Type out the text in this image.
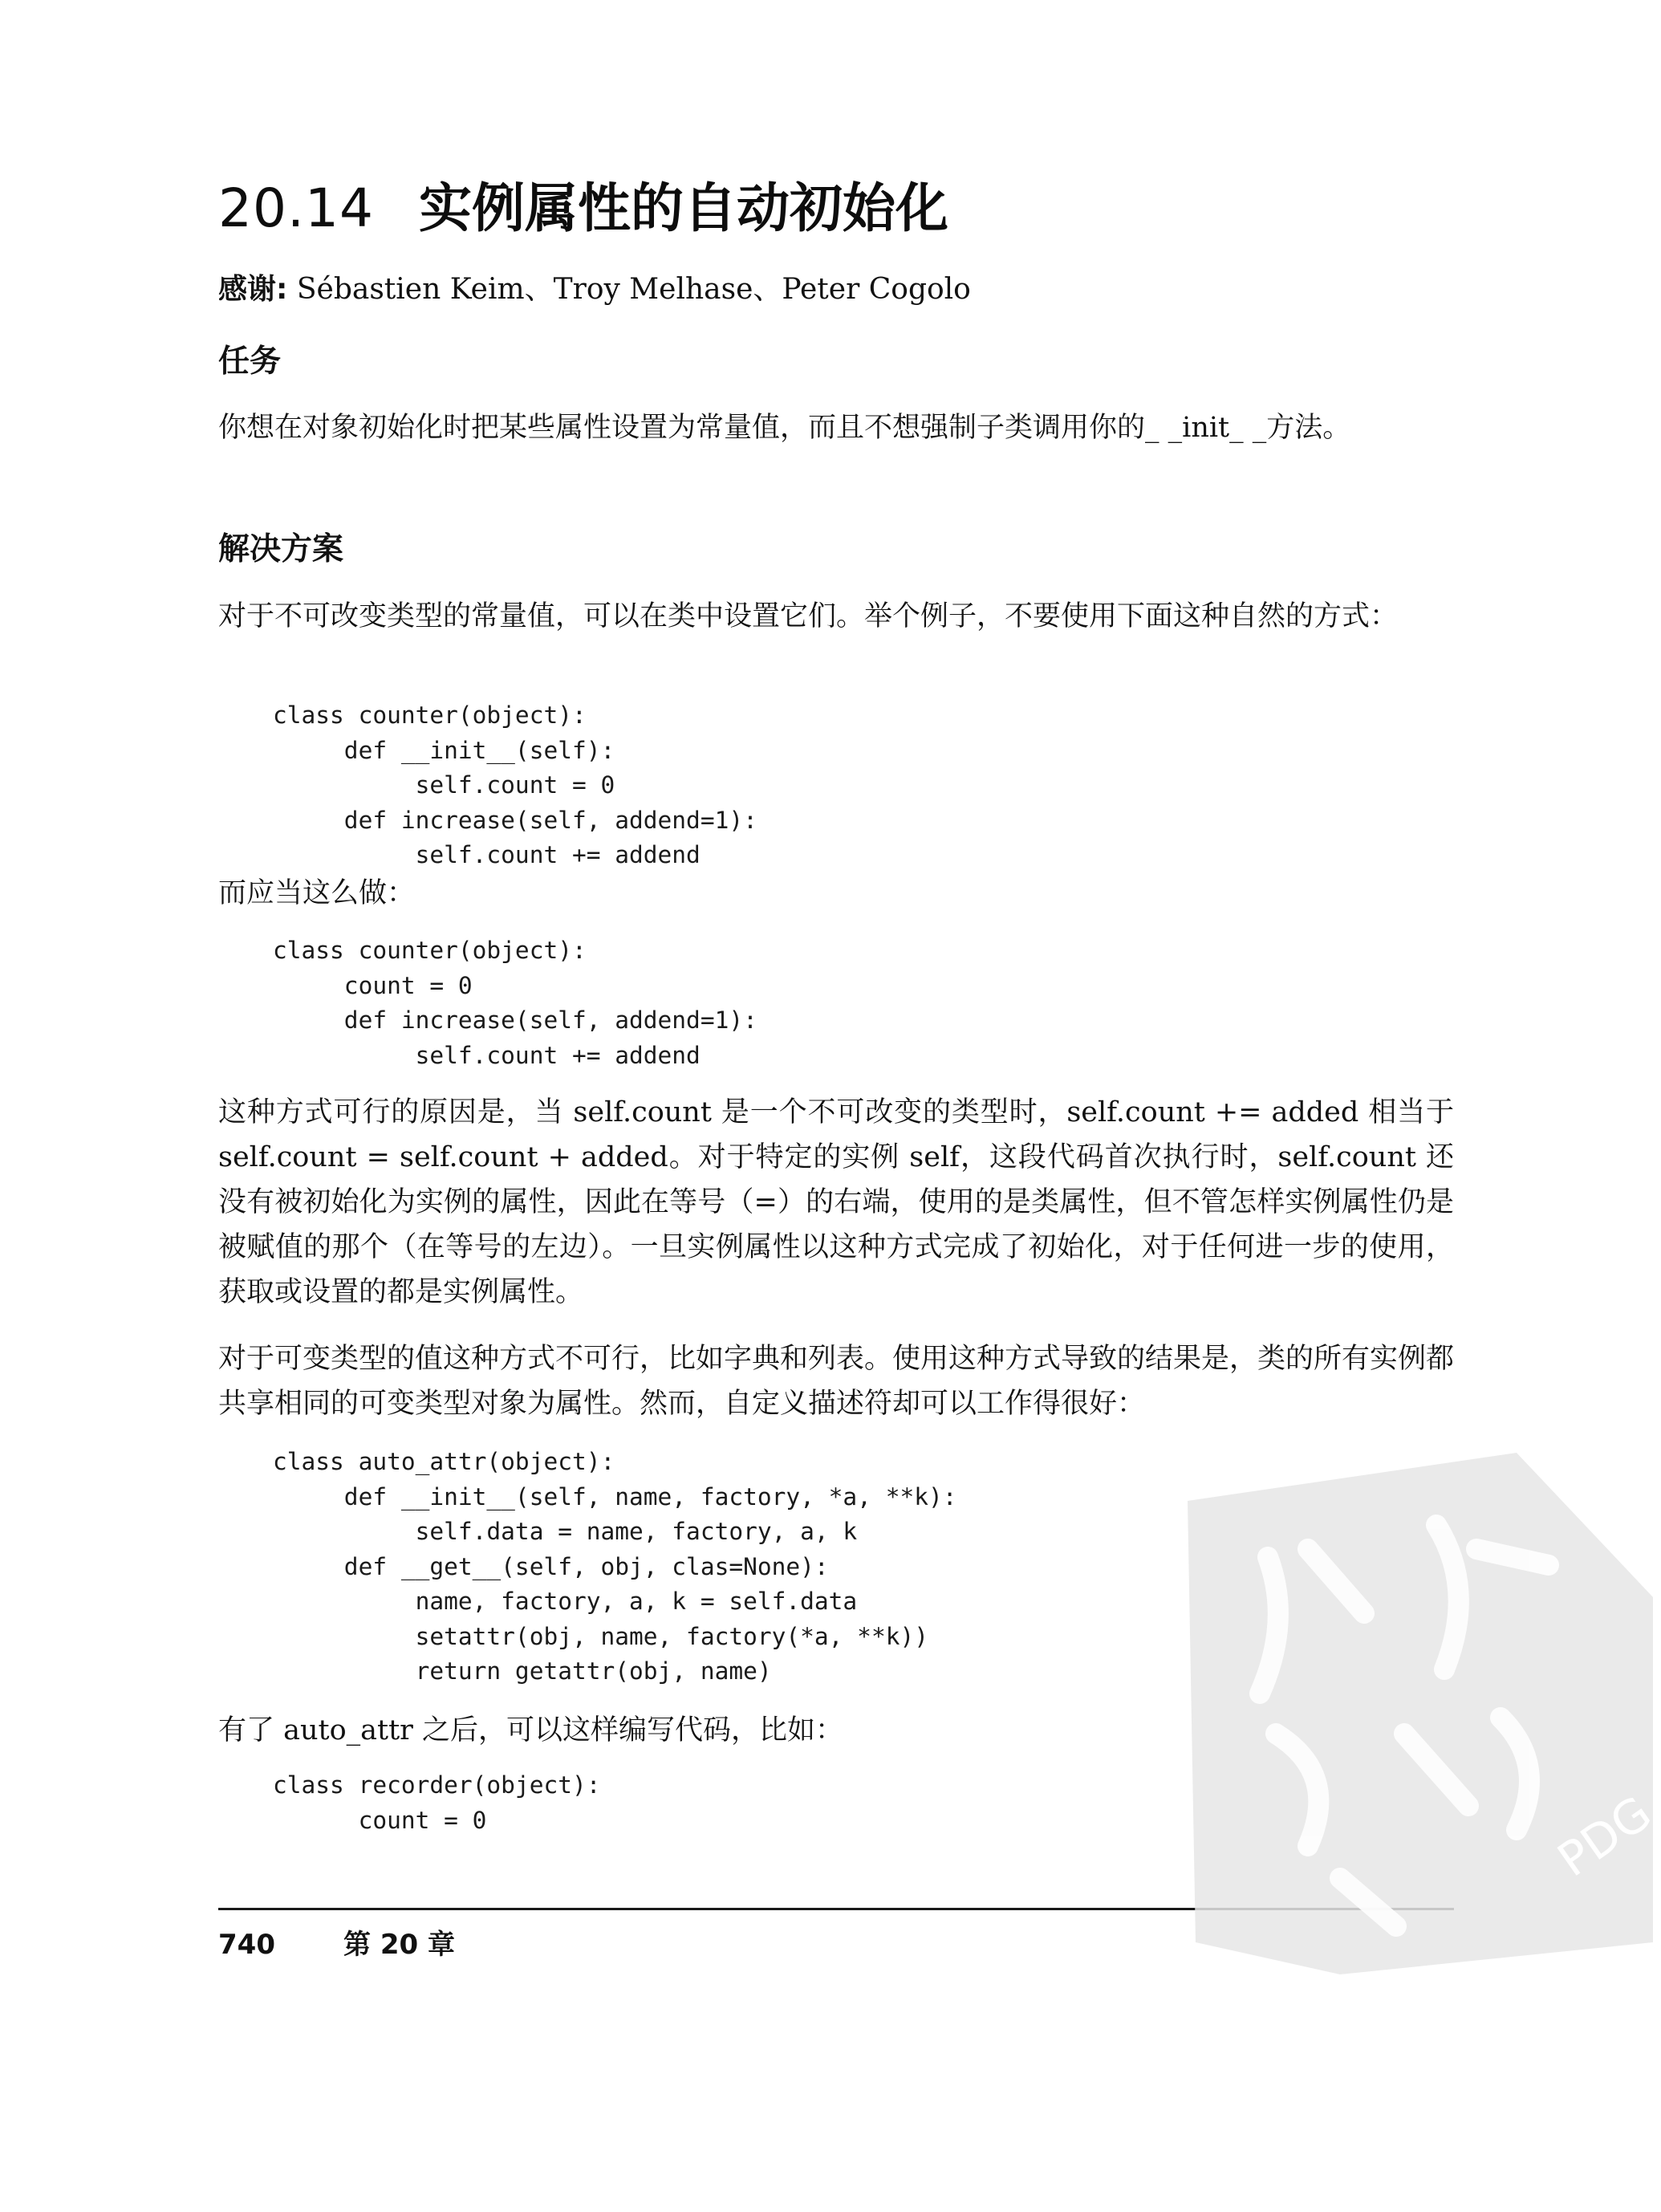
20.14 实例属性的自动初始化
感谢: Sébastien Keim、Troy Melhase、Peter Cogolo
任务

你想在对象初始化时把某些属性设置为常量值，而且不想强制子类调用你的_ _init_ _方法。

解决方案

对于不可改变类型的常量值，可以在类中设置它们。举个例子，不要使用下面这种自然的方式：

class counter(object):
def __init__(self):
self.count = 0
def increase(self, addend=1):
self.count += addend

而应当这么做：

class counter(object):
count = 0
def increase(self, addend=1):
self.count += addend

这种方式可行的原因是，当 self.count 是一个不可改变的类型时，self.count += added 相当于 self.count = self.count + added。对于特定的实例 self，这段代码首次执行时，self.count 还没有被初始化为实例的属性，因此在等号（=）的右端，使用的是类属性，但不管怎样实例属性仍是被赋值的那个（在等号的左边）。一旦实例属性以这种方式完成了初始化，对于任何进一步的使用，获取或设置的都是实例属性。

对于可变类型的值这种方式不可行，比如字典和列表。使用这种方式导致的结果是，类的所有实例都共享相同的可变类型对象为属性。然而，自定义描述符却可以工作得很好：

class auto_attr(object):
def __init__(self, name, factory, *a, **k):
self.data = name, factory, a, k
def __get__(self, obj, clas=None):
name, factory, a, k = self.data
setattr(obj, name, factory(*a, **k))
return getattr(obj, name)

有了 auto_attr 之后，可以这样编写代码，比如：

class recorder(object):
count = 0
740	第 20 章
PDG
